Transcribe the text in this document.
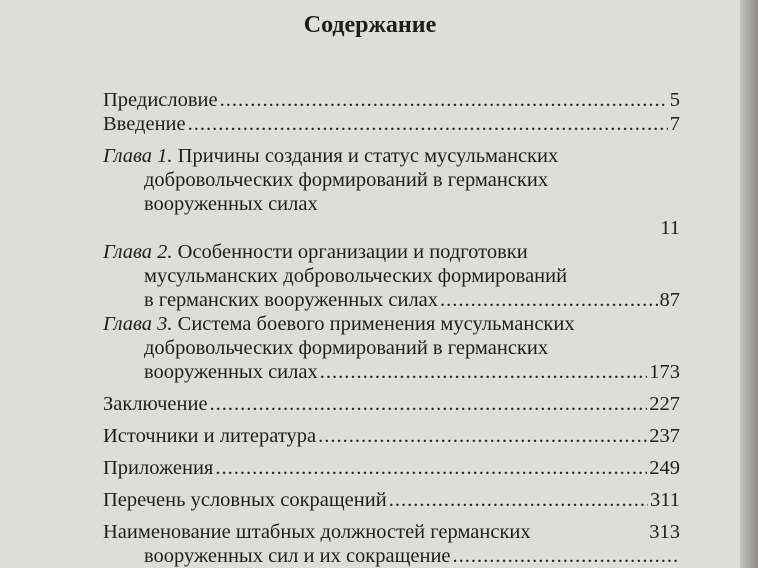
Содержание
Предисловие .....	5
Введение .....	7
Глава 1. Причины создания и статус мусульманских
добровольческих формирований в германских
вооруженных силах
11
Глава 2. Особенности организации и подготовки
мусульманских добровольческих формирований
в германских вооруженных силах .....	87
Глава 3. Система боевого применения мусульманских
добровольческих формирований в германских
вооруженных силах .....	173
Заключение .....	227
Источники и литература .....	237
Приложения .....	249
Перечень условных сокращений .....	311
Наименование штабных должностей германских	313
вооруженных сил и их сокращение
.....
